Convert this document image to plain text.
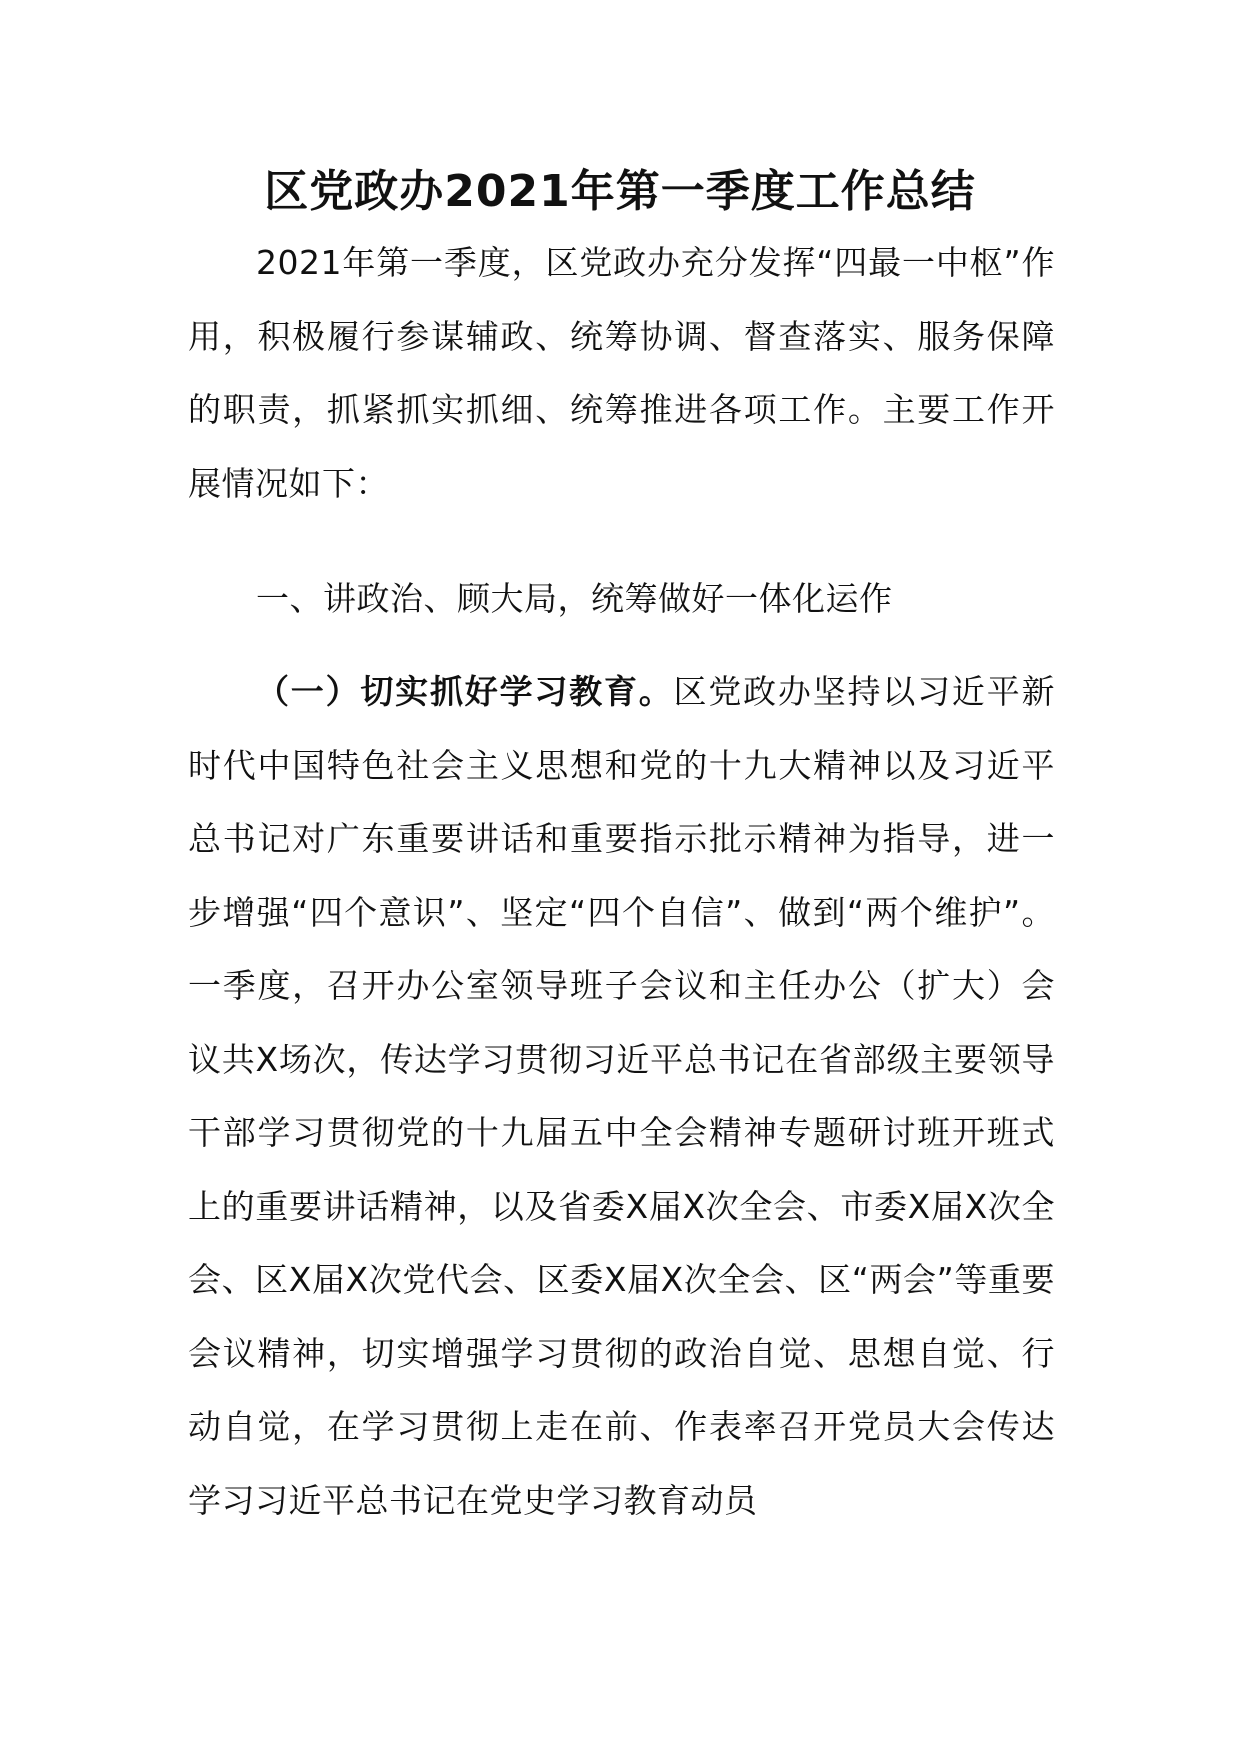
区党政办2021年第一季度工作总结

2021年第一季度，区党政办充分发挥“四最一中枢”作用，积极履行参谋辅政、统筹协调、督查落实、服务保障的职责，抓紧抓实抓细、统筹推进各项工作。主要工作开展情况如下：

一、讲政治、顾大局，统筹做好一体化运作

（一）切实抓好学习教育。区党政办坚持以习近平新时代中国特色社会主义思想和党的十九大精神以及习近平总书记对广东重要讲话和重要指示批示精神为指导，进一步增强“四个意识”、坚定“四个自信”、做到“两个维护”。一季度，召开办公室领导班子会议和主任办公（扩大）会议共X场次，传达学习贯彻习近平总书记在省部级主要领导干部学习贯彻党的十九届五中全会精神专题研讨班开班式上的重要讲话精神，以及省委X届X次全会、市委X届X次全会、区X届X次党代会、区委X届X次全会、区“两会”等重要会议精神，切实增强学习贯彻的政治自觉、思想自觉、行动自觉，在学习贯彻上走在前、作表率召开党员大会传达学习习近平总书记在党史学习教育动员
